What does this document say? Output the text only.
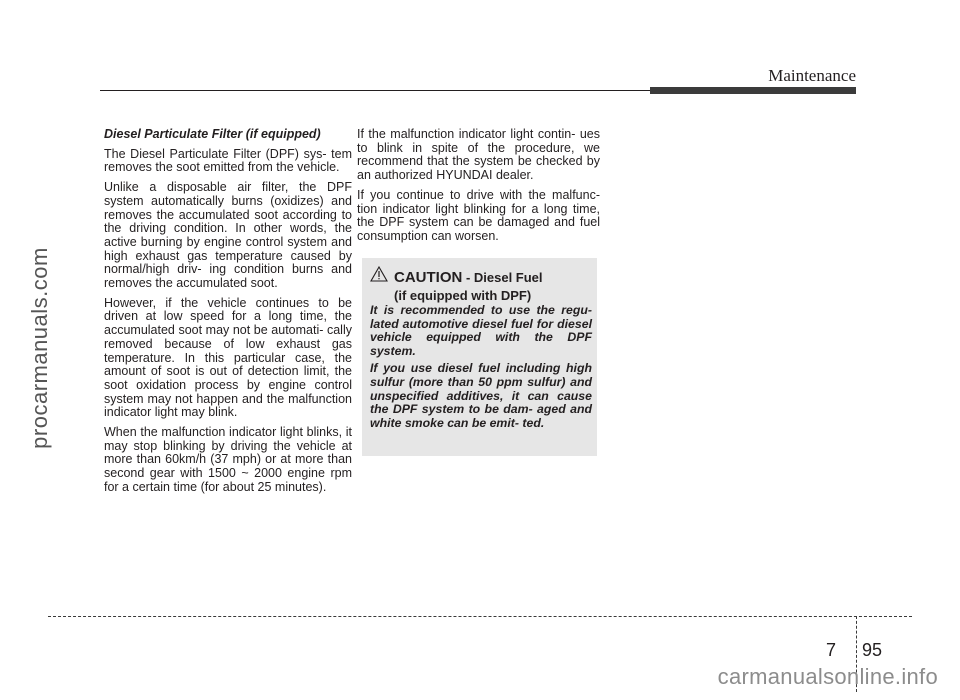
Maintenance
procarmanuals.com
Diesel Particulate Filter (if equipped)

The Diesel Particulate Filter (DPF) sys- tem removes the soot emitted from the vehicle.

Unlike a disposable air filter, the DPF system automatically burns (oxidizes) and removes the accumulated soot according to the driving condition. In other words, the active burning by engine control system and high exhaust gas temperature caused by normal/high driv- ing condition burns and removes the accumulated soot.

However, if the vehicle continues to be driven at low speed for a long time, the accumulated soot may not be automati- cally removed because of low exhaust gas temperature. In this particular case, the amount of soot is out of detection limit, the soot oxidation process by engine control system may not happen and the malfunction indicator light may blink.

When the malfunction indicator light blinks, it may stop blinking by driving the vehicle at more than 60km/h (37 mph) or at more than second gear with 1500 ~ 2000 engine rpm for a certain time (for about 25 minutes).

If the malfunction indicator light contin- ues to blink in spite of the procedure, we recommend that the system be checked by an authorized HYUNDAI dealer.

If you continue to drive with the malfunc- tion indicator light blinking for a long time, the DPF system can be damaged and fuel consumption can worsen.

CAUTION - Diesel Fuel
(if equipped with DPF)

It is recommended to use the regu- lated automotive diesel fuel for diesel vehicle equipped with the DPF system.

If you use diesel fuel including high sulfur (more than 50 ppm sulfur) and unspecified additives, it can cause the DPF system to be dam- aged and white smoke can be emit- ted.

7 95
carmanualsonline.info
